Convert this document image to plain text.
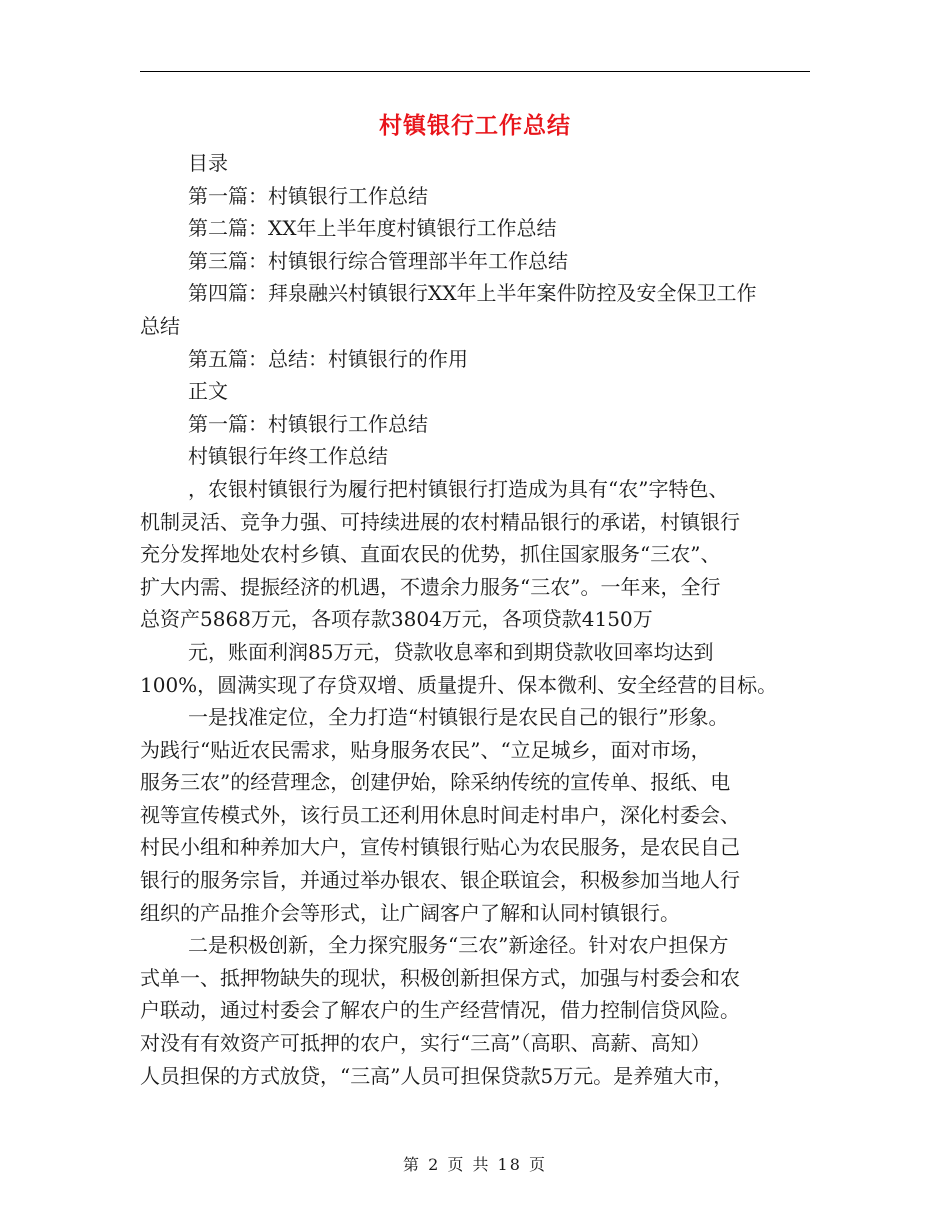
村镇银行工作总结
目录
第一篇：村镇银行工作总结
第二篇：XX年上半年度村镇银行工作总结
第三篇：村镇银行综合管理部半年工作总结
第四篇：拜泉融兴村镇银行XX年上半年案件防控及安全保卫工作
总结
第五篇：总结：村镇银行的作用
正文
第一篇：村镇银行工作总结
村镇银行年终工作总结
，农银村镇银行为履行把村镇银行打造成为具有“农”字特色、
机制灵活、竞争力强、可持续进展的农村精品银行的承诺，村镇银行
充分发挥地处农村乡镇、直面农民的优势，抓住国家服务“三农”、
扩大内需、提振经济的机遇，不遗余力服务“三农”。一年来，全行
总资产5868万元，各项存款3804万元，各项贷款4150万
元，账面利润85万元，贷款收息率和到期贷款收回率均达到
100%，圆满实现了存贷双增、质量提升、保本微利、安全经营的目标。
一是找准定位，全力打造“村镇银行是农民自己的银行”形象。
为践行“贴近农民需求，贴身服务农民”、“立足城乡，面对市场，
服务三农”的经营理念，创建伊始，除采纳传统的宣传单、报纸、电
视等宣传模式外，该行员工还利用休息时间走村串户，深化村委会、
村民小组和种养加大户，宣传村镇银行贴心为农民服务，是农民自己
银行的服务宗旨，并通过举办银农、银企联谊会，积极参加当地人行
组织的产品推介会等形式，让广阔客户了解和认同村镇银行。
二是积极创新，全力探究服务“三农”新途径。针对农户担保方
式单一、抵押物缺失的现状，积极创新担保方式，加强与村委会和农
户联动，通过村委会了解农户的生产经营情况，借力控制信贷风险。
对没有有效资产可抵押的农户，实行“三高”（高职、高薪、高知）
人员担保的方式放贷，“三高”人员可担保贷款5万元。是养殖大市，
第 2 页 共 18 页
